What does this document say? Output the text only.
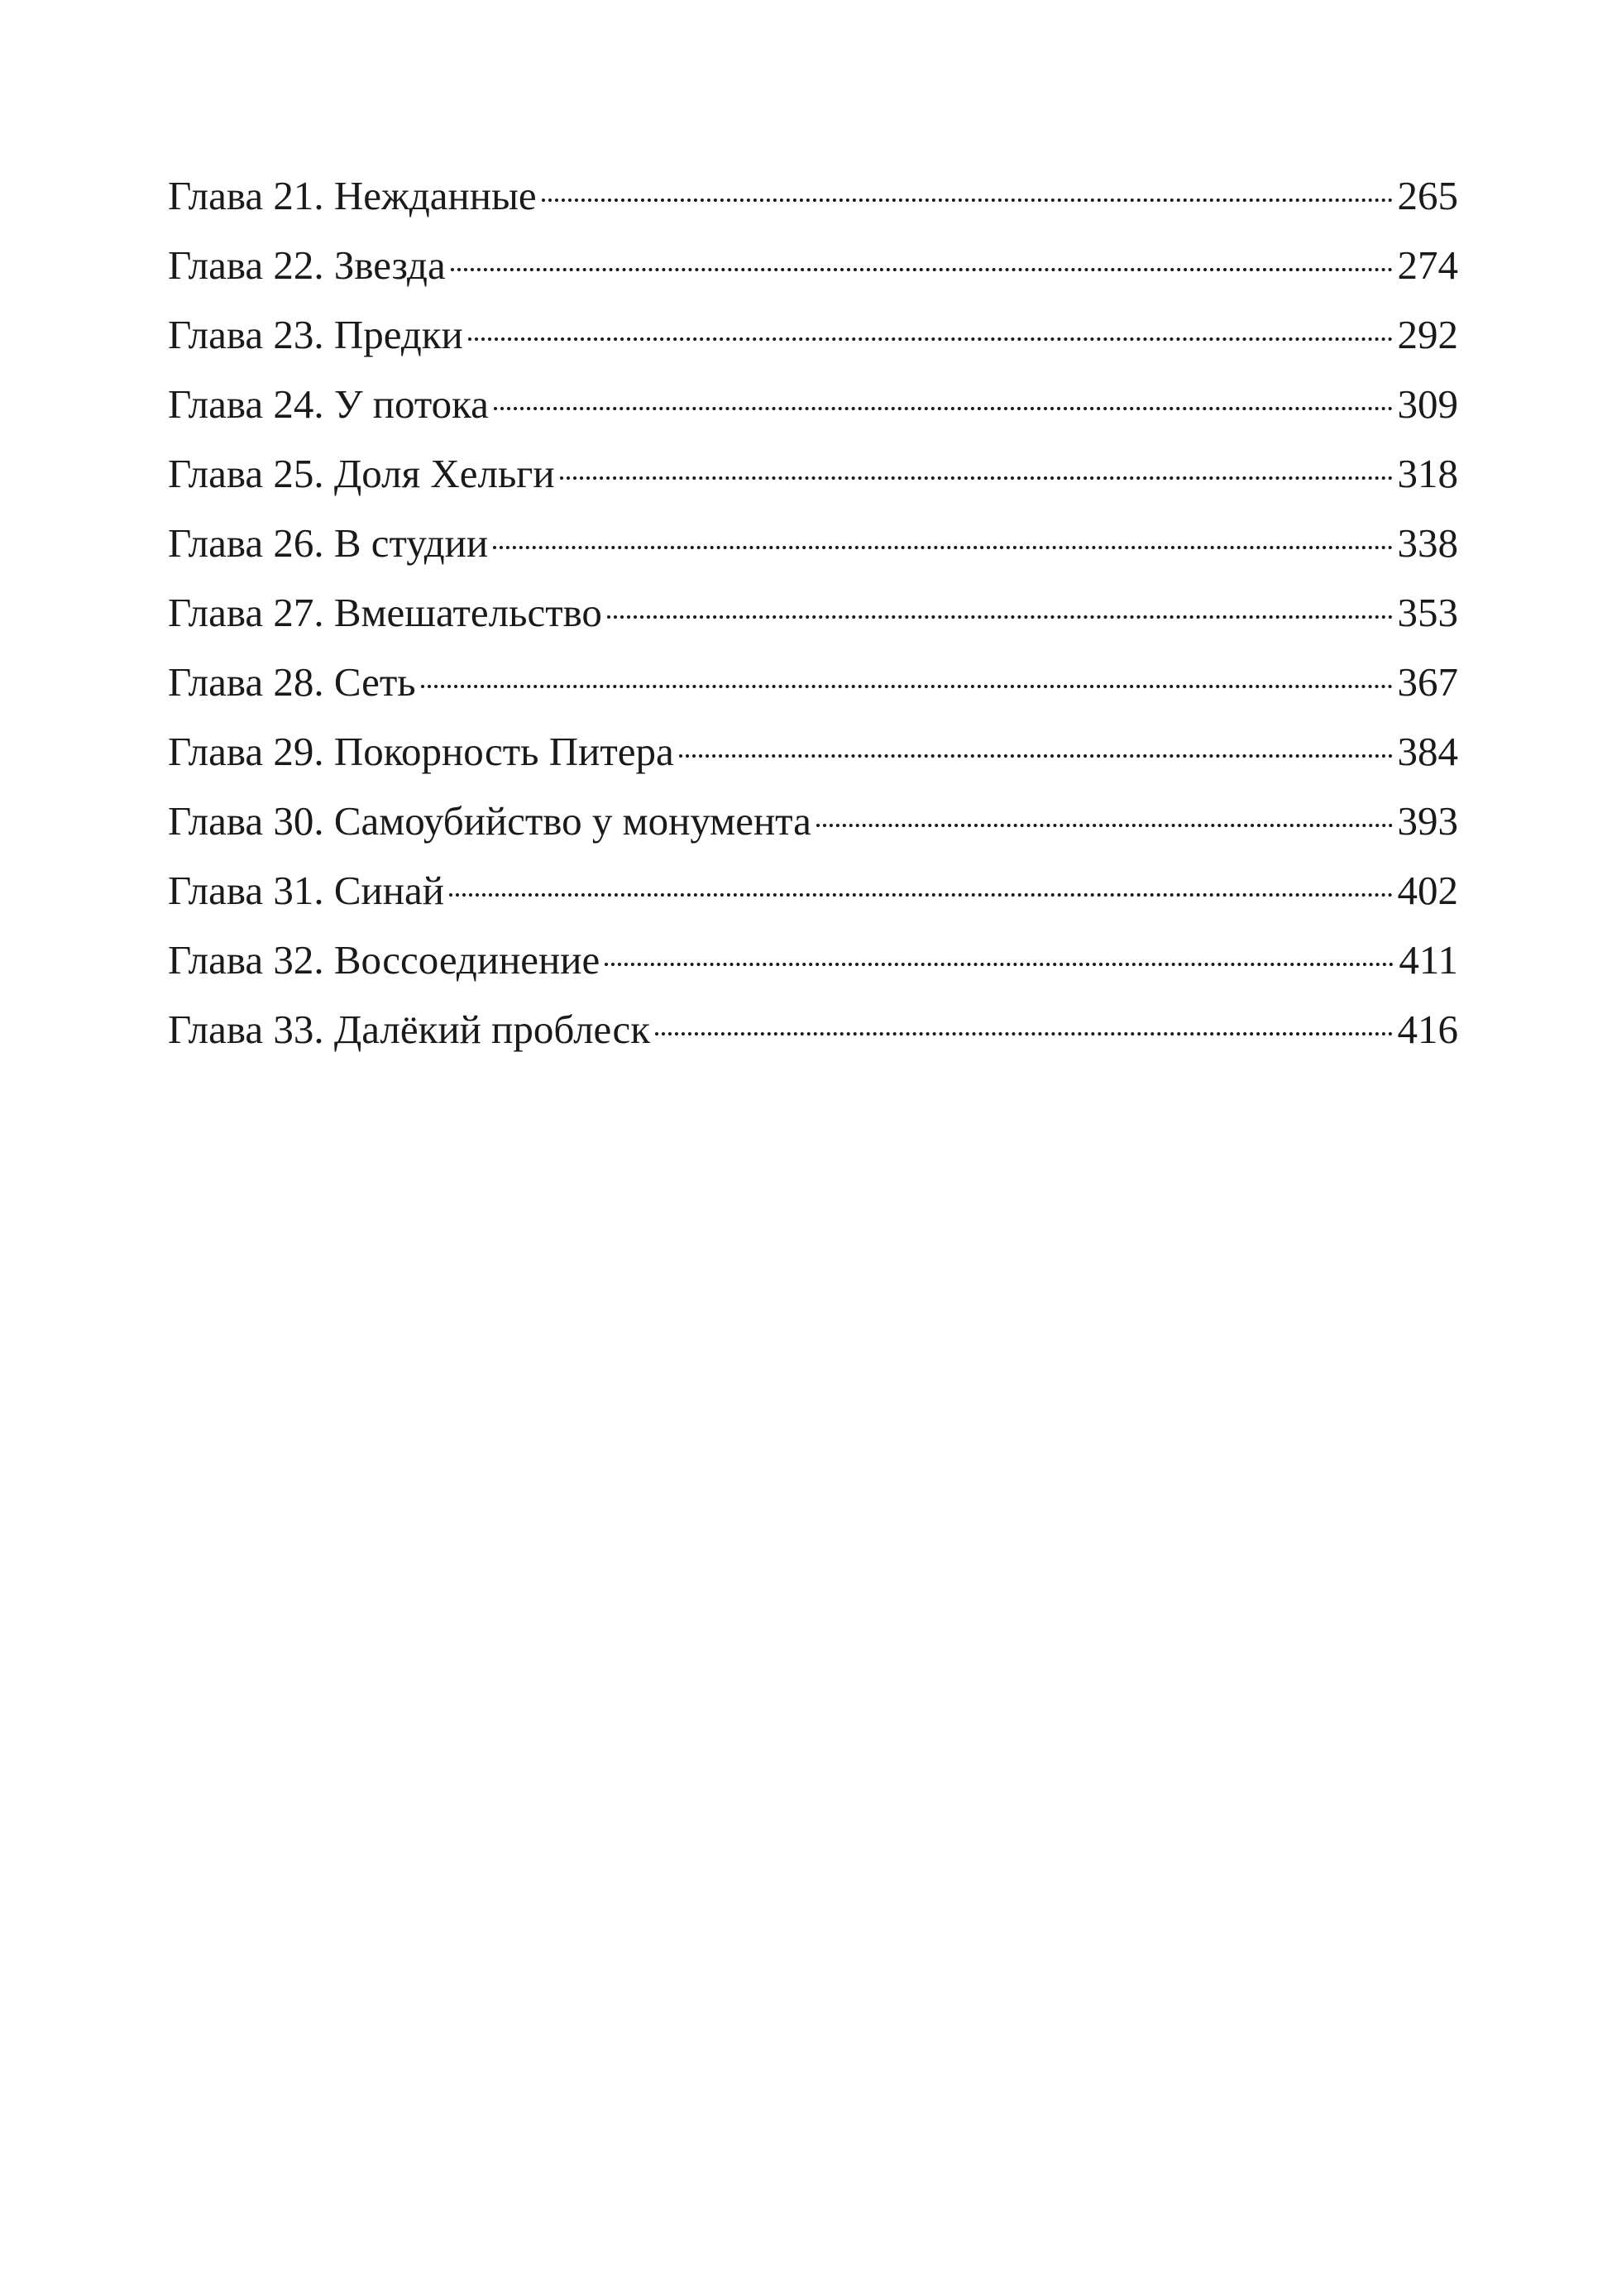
Глава 21. Нежданные	265
Глава 22. Звезда	274
Глава 23. Предки	292
Глава 24. У потока	309
Глава 25. Доля Хельги	318
Глава 26. В студии	338
Глава 27. Вмешательство	353
Глава 28. Сеть	367
Глава 29. Покорность Питера	384
Глава 30. Самоубийство у монумента	393
Глава 31. Синай	402
Глава 32. Воссоединение	411
Глава 33. Далёкий проблеск	416
